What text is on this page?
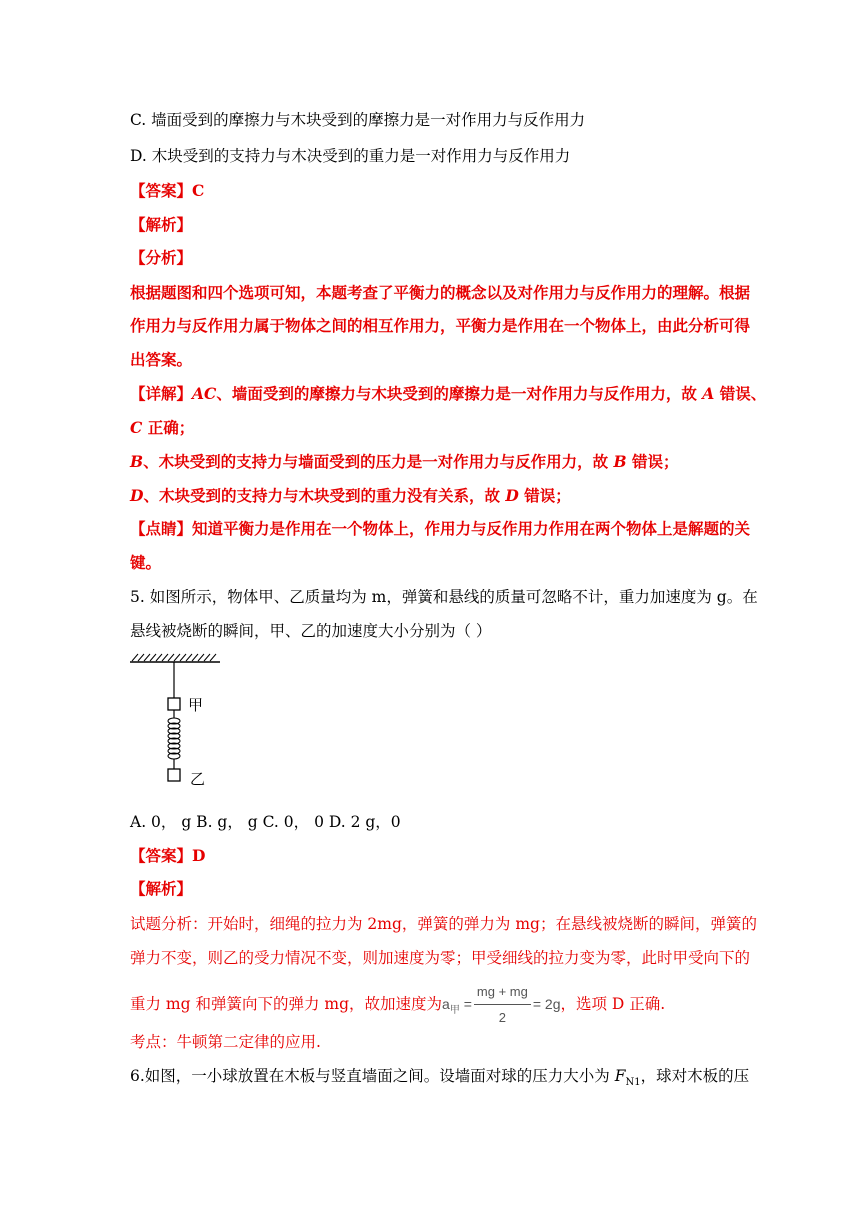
C. 墙面受到的摩擦力与木块受到的摩擦力是一对作用力与反作用力
D. 木块受到的支持力与木决受到的重力是一对作用力与反作用力
【答案】C
【解析】
【分析】
根据题图和四个选项可知，本题考查了平衡力的概念以及对作用力与反作用力的理解。根据
作用力与反作用力属于物体之间的相互作用力，平衡力是作用在一个物体上，由此分析可得
出答案。
【详解】AC、墙面受到的摩擦力与木块受到的摩擦力是一对作用力与反作用力，故 A 错误、
C 正确；
B、木块受到的支持力与墙面受到的压力是一对作用力与反作用力，故 B 错误；
D、木块受到的支持力与木块受到的重力没有关系，故 D 错误；
【点睛】知道平衡力是作用在一个物体上，作用力与反作用力作用在两个物体上是解题的关
键。
5. 如图所示，物体甲、乙质量均为 m，弹簧和悬线的质量可忽略不计，重力加速度为 g。在
悬线被烧断的瞬间，甲、乙的加速度大小分别为（ ）
甲
乙
A. 0， g B. g， g C. 0， 0 D. 2 g，0
【答案】D
【解析】
试题分析：开始时，细绳的拉力为 2mg，弹簧的弹力为 mg；在悬线被烧断的瞬间，弹簧的
弹力不变，则乙的受力情况不变，则加速度为零；甲受细线的拉力变为零，此时甲受向下的
重力 mg 和弹簧向下的弹力 mg，故加速度为$a_甲 = \frac{mg + mg}{2} = 2g$，选项 D 正确.
考点：牛顿第二定律的应用.
6.如图，一小球放置在木板与竖直墙面之间。设墙面对球的压力大小为 $F_{N1}$，球对木板的压
